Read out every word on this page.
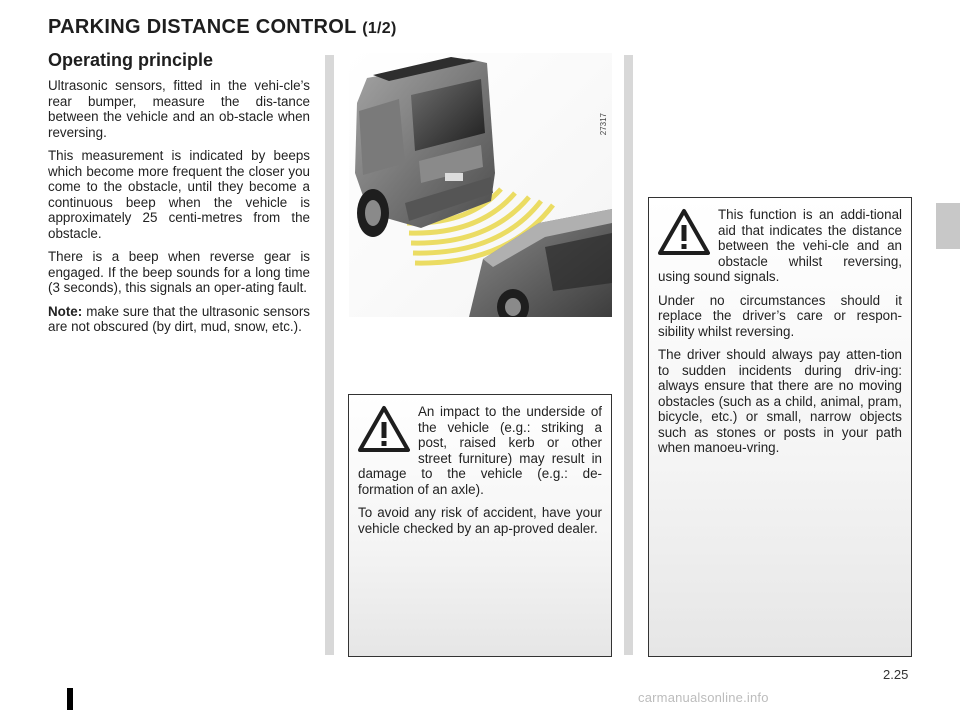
PARKING DISTANCE CONTROL (1/2)
Operating principle

Ultrasonic sensors, fitted in the vehi-cle’s rear bumper, measure the dis-tance between the vehicle and an ob-stacle when reversing.

This measurement is indicated by beeps which become more frequent the closer you come to the obstacle, until they become a continuous beep when the vehicle is approximately 25 centi-metres from the obstacle.

There is a beep when reverse gear is engaged. If the beep sounds for a long time (3 seconds), this signals an oper-ating fault.

Note: make sure that the ultrasonic sensors are not obscured (by dirt, mud, snow, etc.).

27317

An impact to the underside of the vehicle (e.g.: striking a post, raised kerb or other street furniture) may result in damage to the vehicle (e.g.: de-formation of an axle).

To avoid any risk of accident, have your vehicle checked by an ap-proved dealer.

This function is an addi-tional aid that indicates the distance between the vehi-cle and an obstacle whilst reversing, using sound signals.

Under no circumstances should it replace the driver’s care or respon-sibility whilst reversing.

The driver should always pay atten-tion to sudden incidents during driv-ing: always ensure that there are no moving obstacles (such as a child, animal, pram, bicycle, etc.) or small, narrow objects such as stones or posts in your path when manoeu-vring.

2.25
carmanualsonline.info
